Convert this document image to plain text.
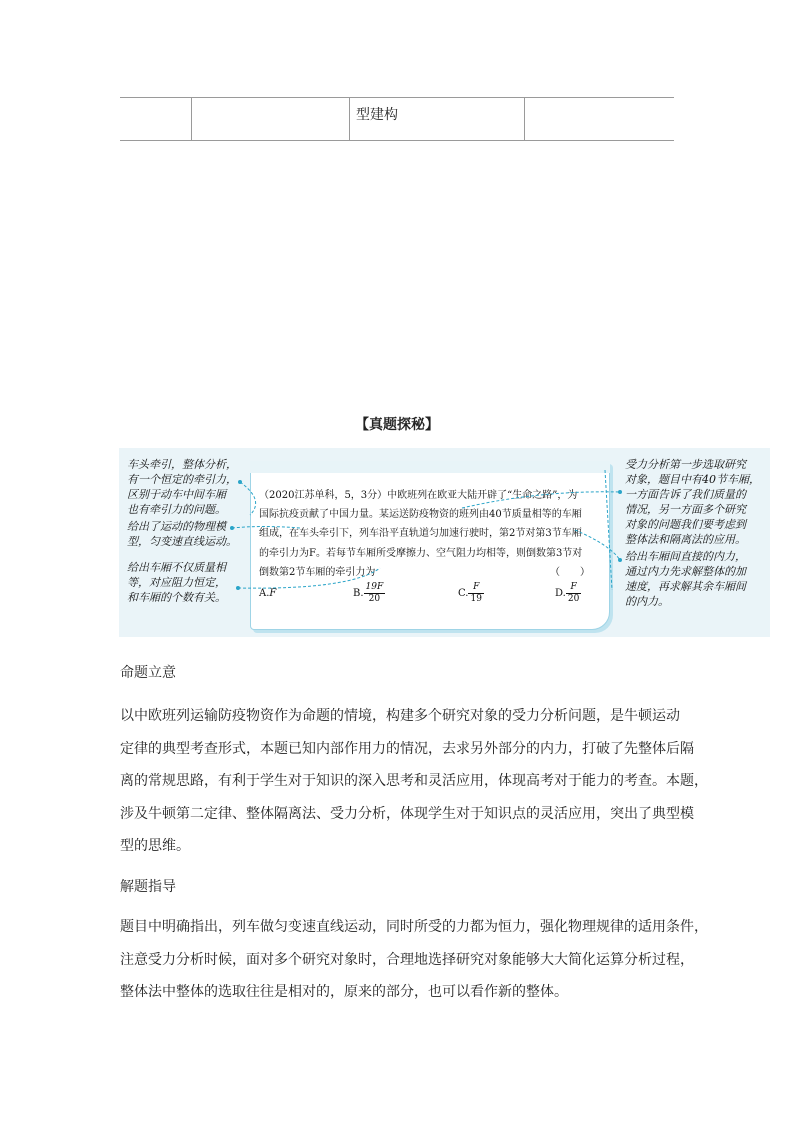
型建构
【真题探秘】
车头牵引，整体分析，
有一个恒定的牵引力，
区别于动车中间车厢
也有牵引力的问题。
给出了运动的物理模
型，匀变速直线运动。
给出车厢不仅质量相
等，对应阻力恒定，
和车厢的个数有关。
受力分析第一步选取研究
对象，题目中有40节车厢，
一方面告诉了我们质量的
情况，另一方面多个研究
对象的问题我们要考虑到
整体法和隔离法的应用。
给出车厢间直接的内力，
通过内力先求解整体的加
速度，再求解其余车厢间
的内力。
（2020江苏单科，5，3分）中欧班列在欧亚大陆开辟了“生命之路”，为
国际抗疫贡献了中国力量。某运送防疫物资的班列由40节质量相等的车厢
组成，在车头牵引下，列车沿平直轨道匀加速行驶时，第2节对第3节车厢
的牵引力为F。若每节车厢所受摩擦力、空气阻力均相等，则倒数第3节对
倒数第2节车厢的牵引力为	（　　）
A.F	B. $\frac{19F}{20}$	C. $\frac{F}{19}$	D. $\frac{F}{20}$
命题立意
以中欧班列运输防疫物资作为命题的情境，构建多个研究对象的受力分析问题，是牛顿运动
定律的典型考查形式，本题已知内部作用力的情况，去求另外部分的内力，打破了先整体后隔
离的常规思路，有利于学生对于知识的深入思考和灵活应用，体现高考对于能力的考查。本题，
涉及牛顿第二定律、整体隔离法、受力分析，体现学生对于知识点的灵活应用，突出了典型模
型的思维。
解题指导
题目中明确指出，列车做匀变速直线运动，同时所受的力都为恒力，强化物理规律的适用条件，
注意受力分析时候，面对多个研究对象时，合理地选择研究对象能够大大简化运算分析过程，
整体法中整体的选取往往是相对的，原来的部分，也可以看作新的整体。
